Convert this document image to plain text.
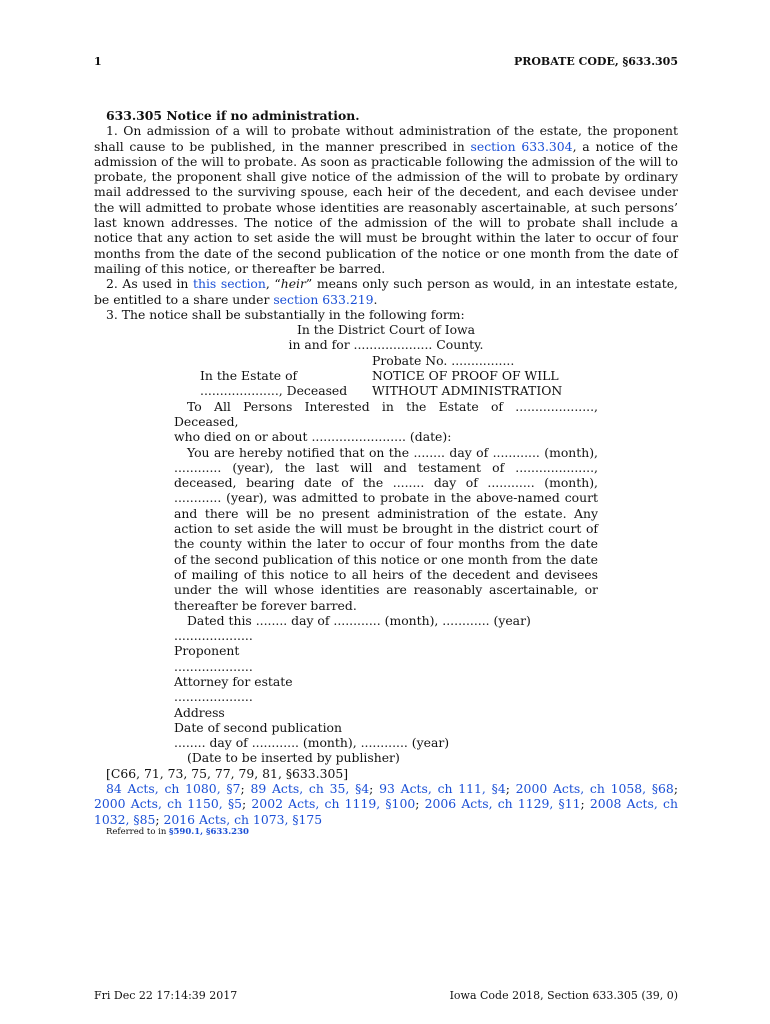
1	PROBATE CODE, §633.305

633.305 Notice if no administration.

1. On admission of a will to probate without administration of the estate, the proponent shall cause to be published, in the manner prescribed in section 633.304, a notice of the admission of the will to probate. As soon as practicable following the admission of the will to probate, the proponent shall give notice of the admission of the will to probate by ordinary mail addressed to the surviving spouse, each heir of the decedent, and each devisee under the will admitted to probate whose identities are reasonably ascertainable, at such persons’ last known addresses. The notice of the admission of the will to probate shall include a notice that any action to set aside the will must be brought within the later to occur of four months from the date of the second publication of the notice or one month from the date of mailing of this notice, or thereafter be barred.

2. As used in this section, “heir” means only such person as would, in an intestate estate, be entitled to a share under section 633.219.

3. The notice shall be substantially in the following form:

In the District Court of Iowa

in and for .................... County.

Probate No. ................
In the Estate of	NOTICE OF PROOF OF WILL
...................., Deceased	WITHOUT ADMINISTRATION

To All Persons Interested in the Estate of ...................., Deceased,

who died on or about ........................ (date):

You are hereby notified that on the ........ day of ............ (month), ............ (year), the last will and testament of ...................., deceased, bearing date of the ........ day of ............ (month), ............ (year), was admitted to probate in the above-named court and there will be no present administration of the estate. Any action to set aside the will must be brought in the district court of the county within the later to occur of four months from the date of the second publication of this notice or one month from the date of mailing of this notice to all heirs of the decedent and devisees under the will whose identities are reasonably ascertainable, or thereafter be forever barred.

Dated this ........ day of ............ (month), ............ (year)

....................

Proponent

....................

Attorney for estate

....................

Address

Date of second publication

........ day of ............ (month), ............ (year)

(Date to be inserted by publisher)

[C66, 71, 73, 75, 77, 79, 81, §633.305]

84 Acts, ch 1080, §7; 89 Acts, ch 35, §4; 93 Acts, ch 111, §4; 2000 Acts, ch 1058, §68; 2000 Acts, ch 1150, §5; 2002 Acts, ch 1119, §100; 2006 Acts, ch 1129, §11; 2008 Acts, ch 1032, §85; 2016 Acts, ch 1073, §175

Referred to in §590.1, §633.230

Fri Dec 22 17:14:39 2017	Iowa Code 2018, Section 633.305 (39, 0)
